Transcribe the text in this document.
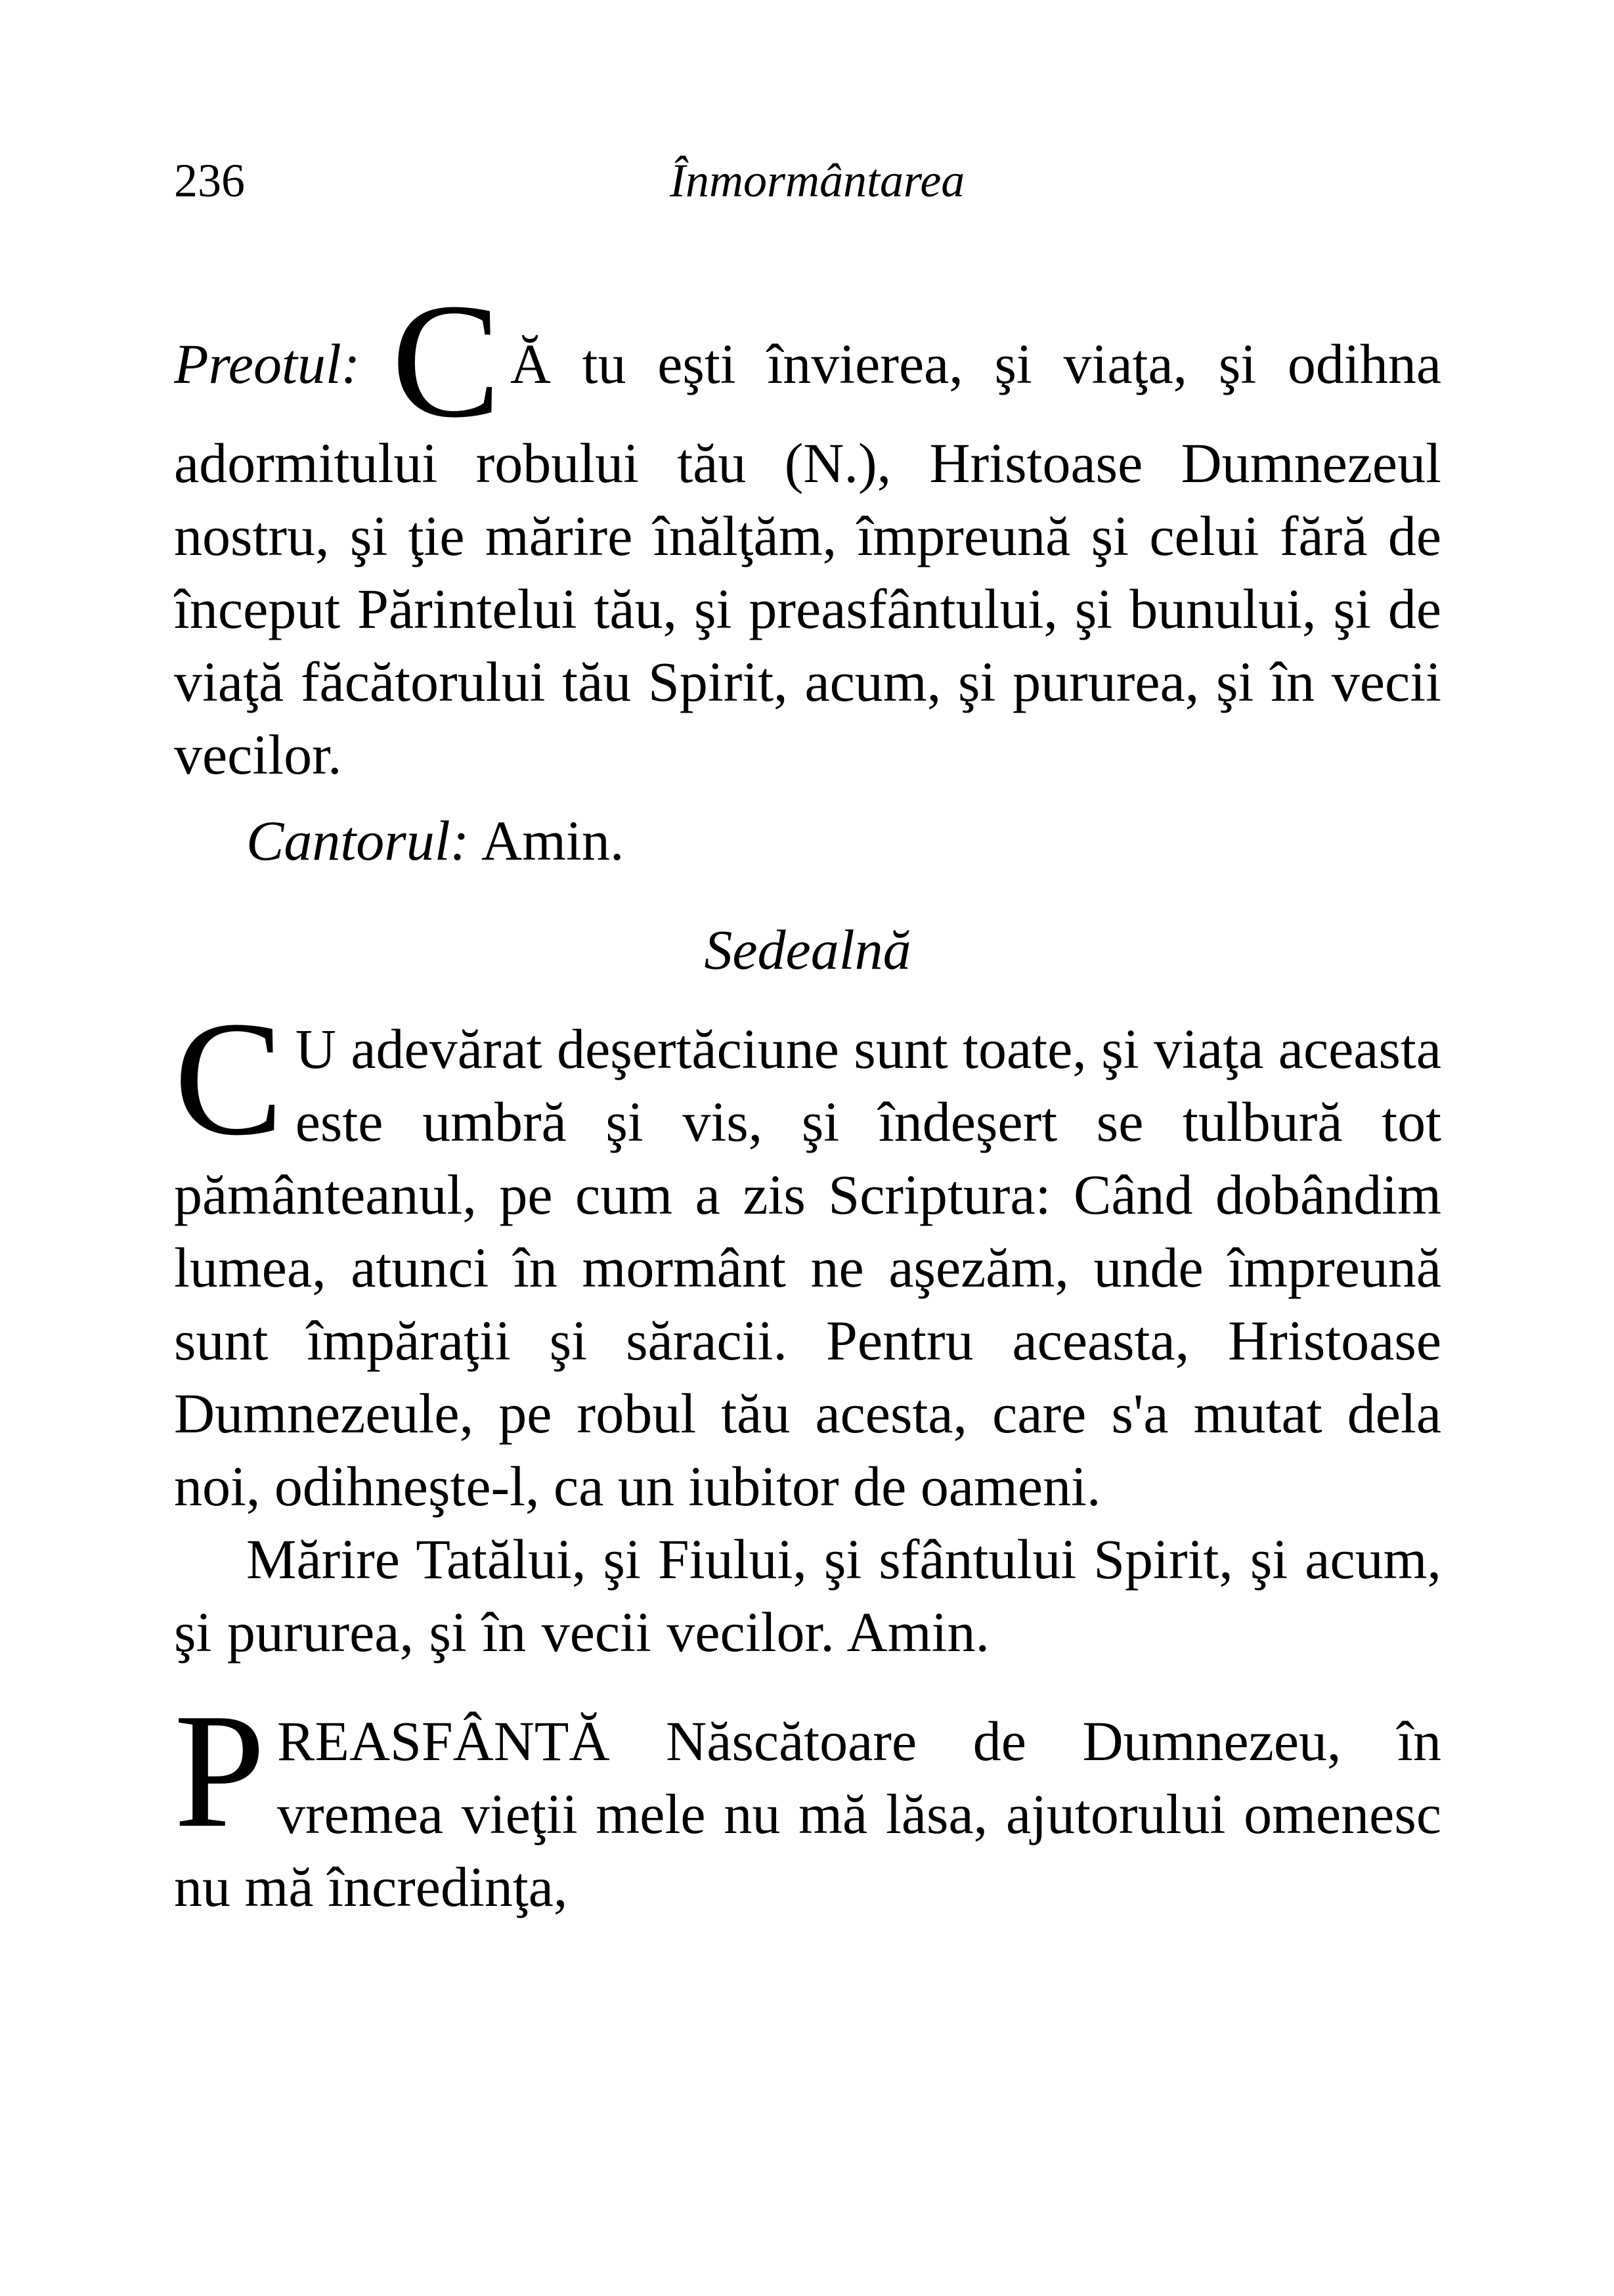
236	Înmormântarea

Preotul: C Ă tu eşti învierea, şi viaţa, şi odihna adormitului robului tău (N.), Hristoase Dumnezeul nostru, şi ţie mărire înălţăm, împreună şi celui fără de început Părintelui tău, şi preasfântului, şi bunului, şi de viaţă făcătorului tău Spirit, acum, şi pururea, şi în vecii vecilor.

Cantorul: Amin.

Sedealnă

C U adevărat deşertăciune sunt toate, şi viaţa aceasta este umbră şi vis, şi îndeşert se tulbură tot pământeanul, pe cum a zis Scriptura: Când dobândim lumea, atunci în mormânt ne aşezăm, unde împreună sunt împăraţii şi săracii. Pentru aceasta, Hristoase Dumnezeule, pe robul tău acesta, care s'a mutat dela noi, odihneşte-l, ca un iubitor de oameni.

Mărire Tatălui, şi Fiului, şi sfântului Spirit, şi acum, şi pururea, şi în vecii vecilor. Amin.

PREASFÂNTĂ Născătoare de Dumnezeu, în vremea vieţii mele nu mă lăsa, ajutorului omenesc nu mă încredinţa,
